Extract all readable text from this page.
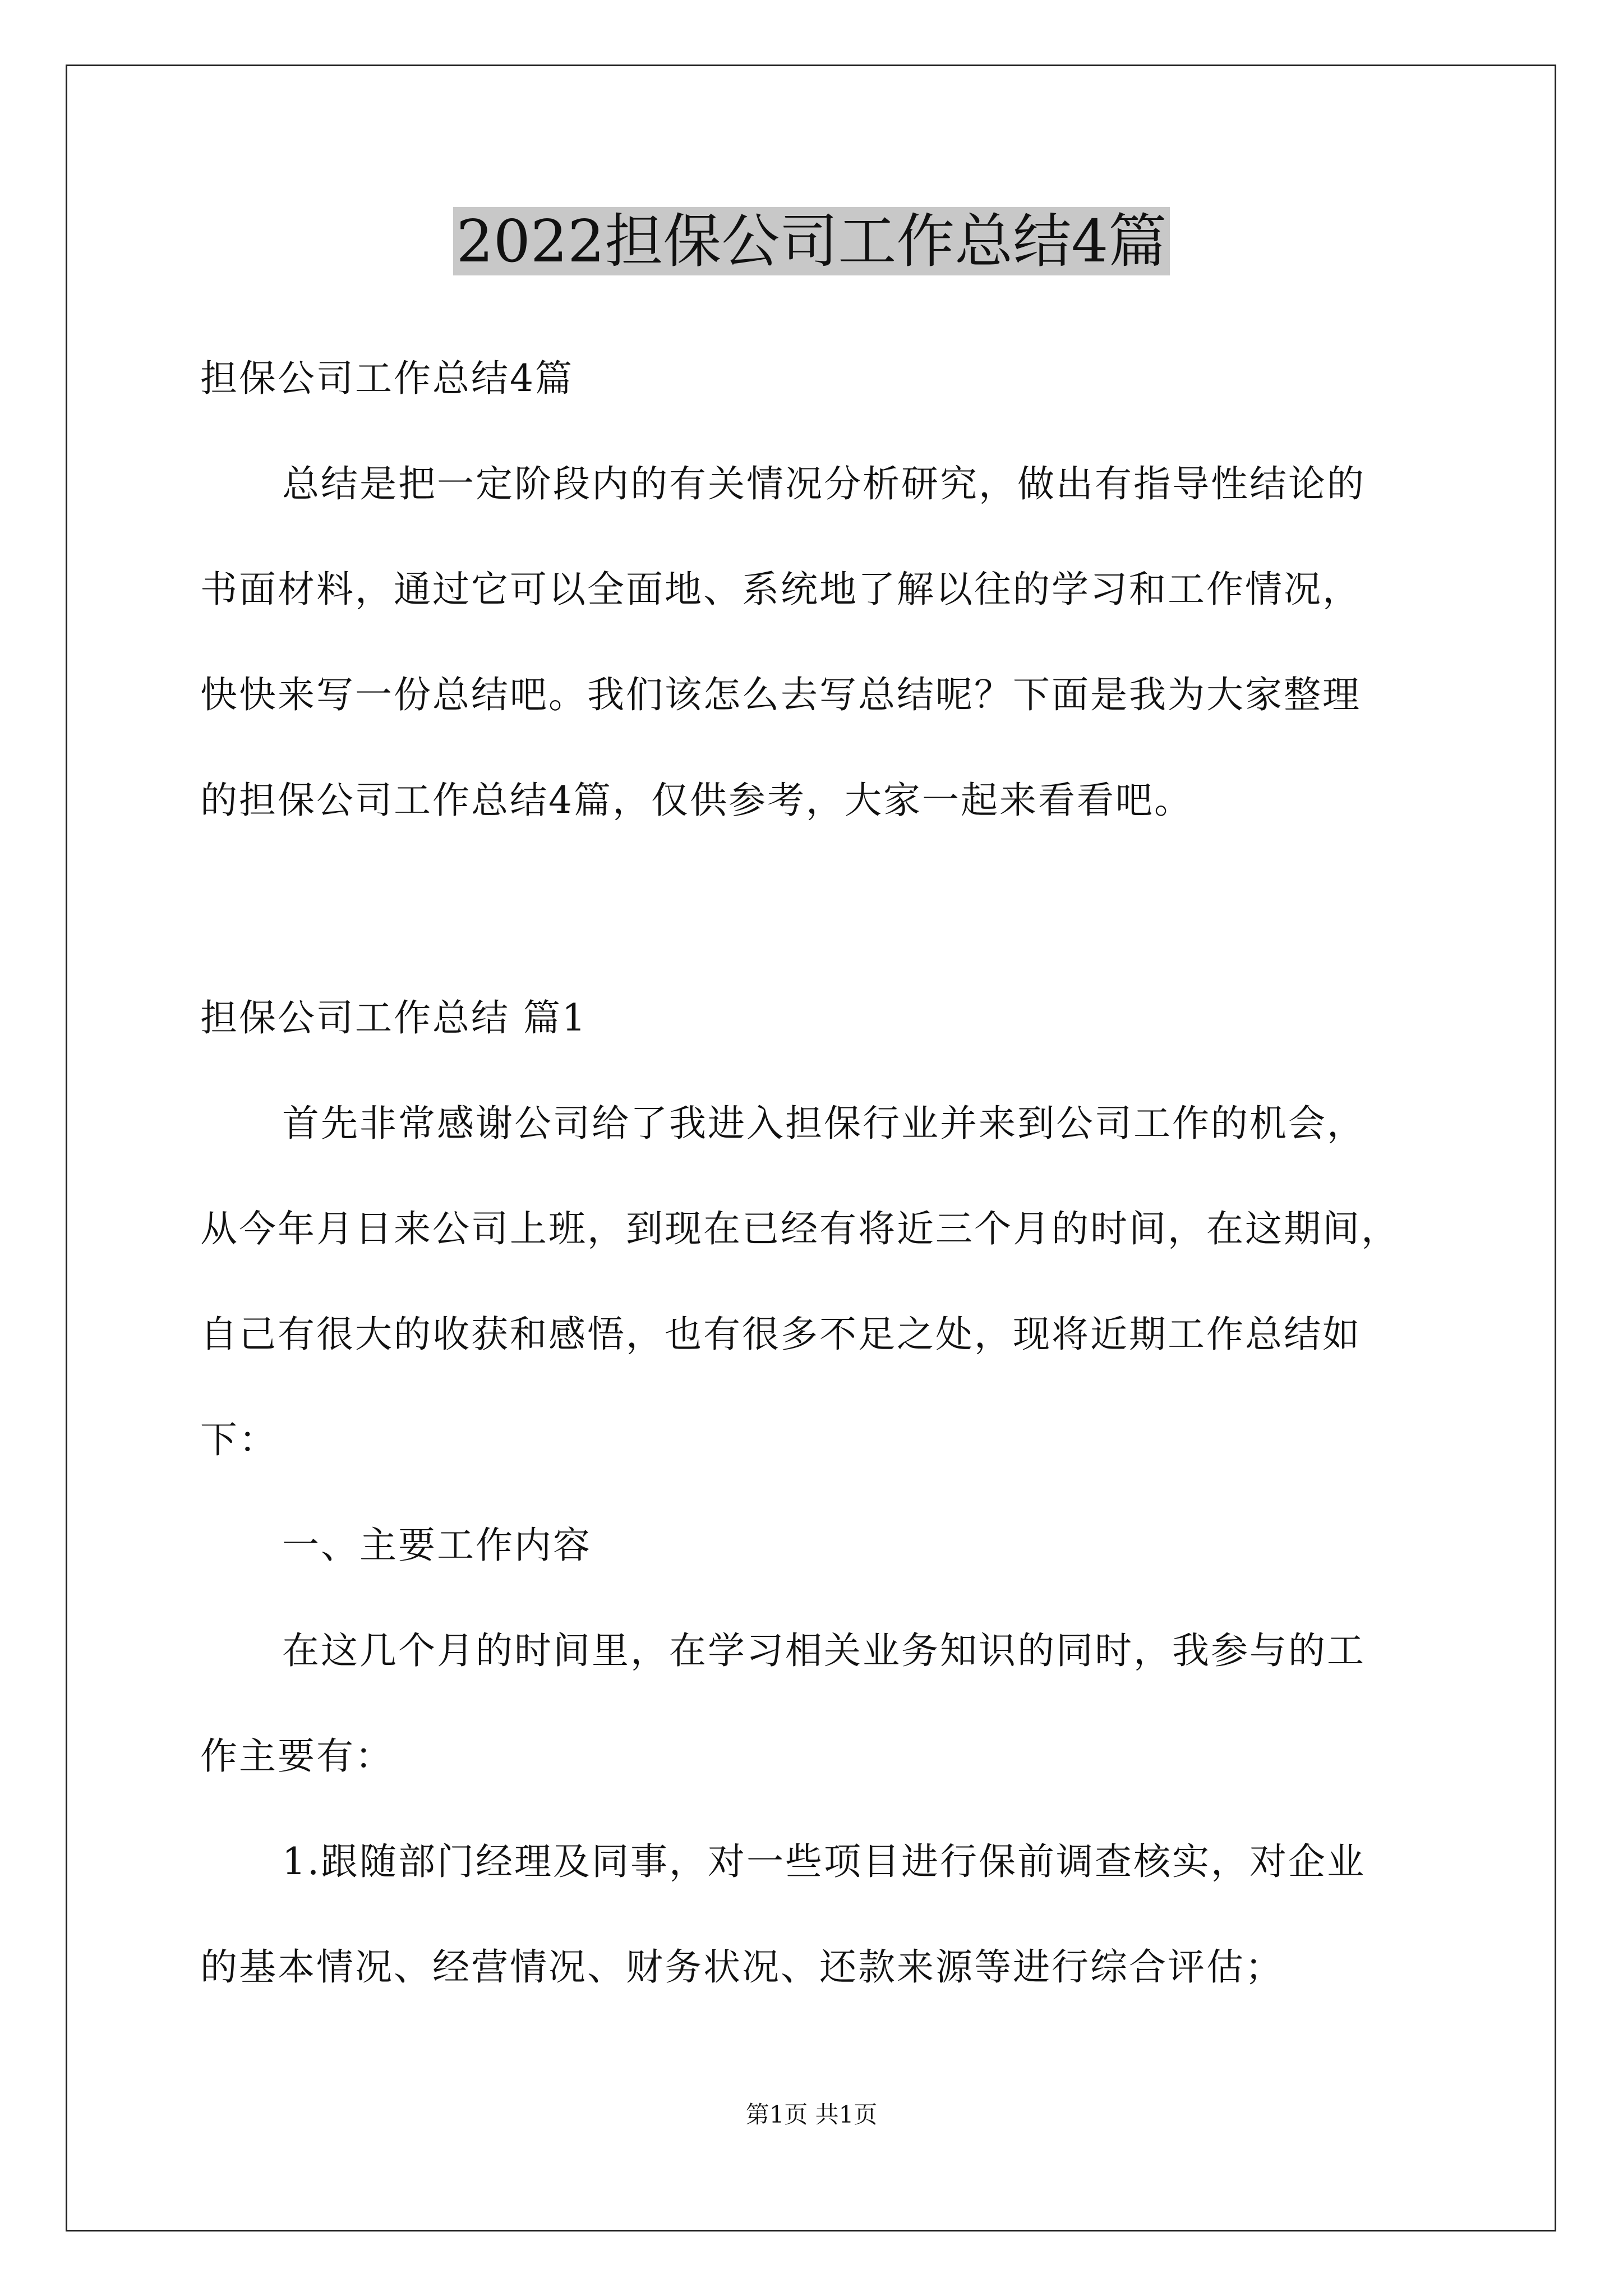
2022担保公司工作总结4篇
担保公司工作总结4篇
总结是把一定阶段内的有关情况分析研究，做出有指导性结论的
书面材料，通过它可以全面地、系统地了解以往的学习和工作情况，
快快来写一份总结吧。我们该怎么去写总结呢？下面是我为大家整理
的担保公司工作总结4篇，仅供参考，大家一起来看看吧。
担保公司工作总结 篇1
首先非常感谢公司给了我进入担保行业并来到公司工作的机会，
从今年月日来公司上班，到现在已经有将近三个月的时间，在这期间，
自己有很大的收获和感悟，也有很多不足之处，现将近期工作总结如
下：
一、主要工作内容
在这几个月的时间里，在学习相关业务知识的同时，我参与的工
作主要有：
1.跟随部门经理及同事，对一些项目进行保前调查核实，对企业
的基本情况、经营情况、财务状况、还款来源等进行综合评估；
第1页 共1页
